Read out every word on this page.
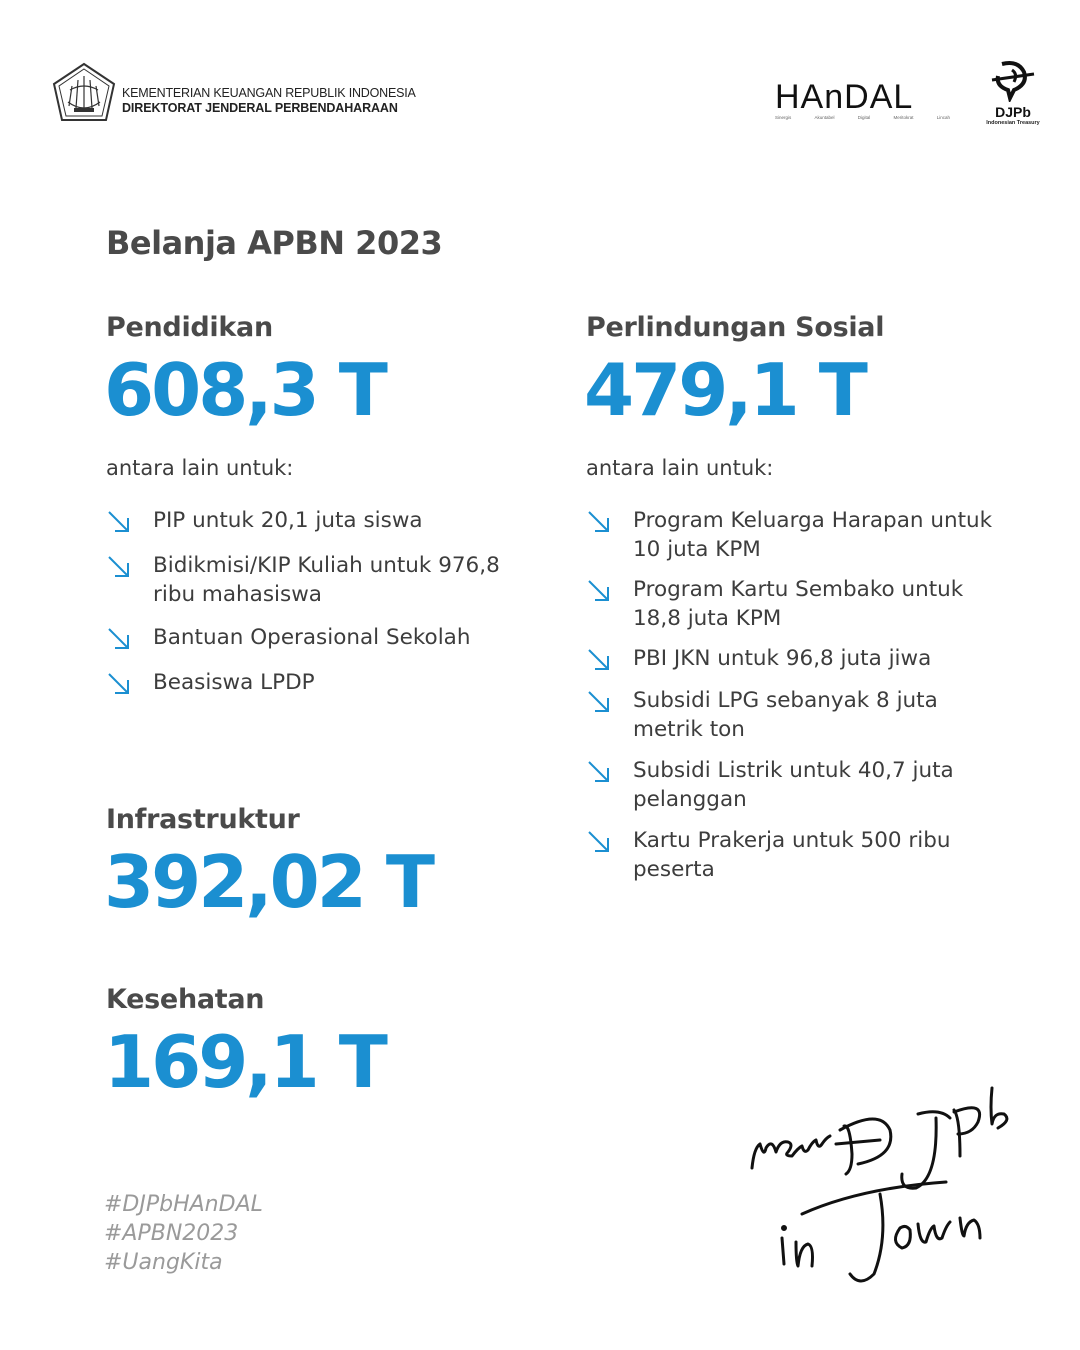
KEMENTERIAN KEUANGAN REPUBLIK INDONESIA
DIREKTORAT JENDERAL PERBENDAHARAAN	HAnDAL
Sinergis	Akuntabel	Digital	Meritokrat	Lincah	DJPb
Indonesian Treasury
Belanja APBN 2023
Pendidikan
608,3 T
antara lain untuk:
PIP untuk 20,1 juta siswa
Bidikmisi/KIP Kuliah untuk 976,8 ribu mahasiswa
Bantuan Operasional Sekolah
Beasiswa LPDP
Infrastruktur
392,02 T
Kesehatan
169,1 T
Perlindungan Sosial
479,1 T
antara lain untuk:
Program Keluarga Harapan untuk 10 juta KPM
Program Kartu Sembako untuk 18,8 juta KPM
PBI JKN untuk 96,8 juta jiwa
Subsidi LPG sebanyak 8 juta metrik ton
Subsidi Listrik untuk 40,7 juta pelanggan
Kartu Prakerja untuk 500 ribu peserta
#DJPbHAnDAL
#APBN2023
#UangKita
